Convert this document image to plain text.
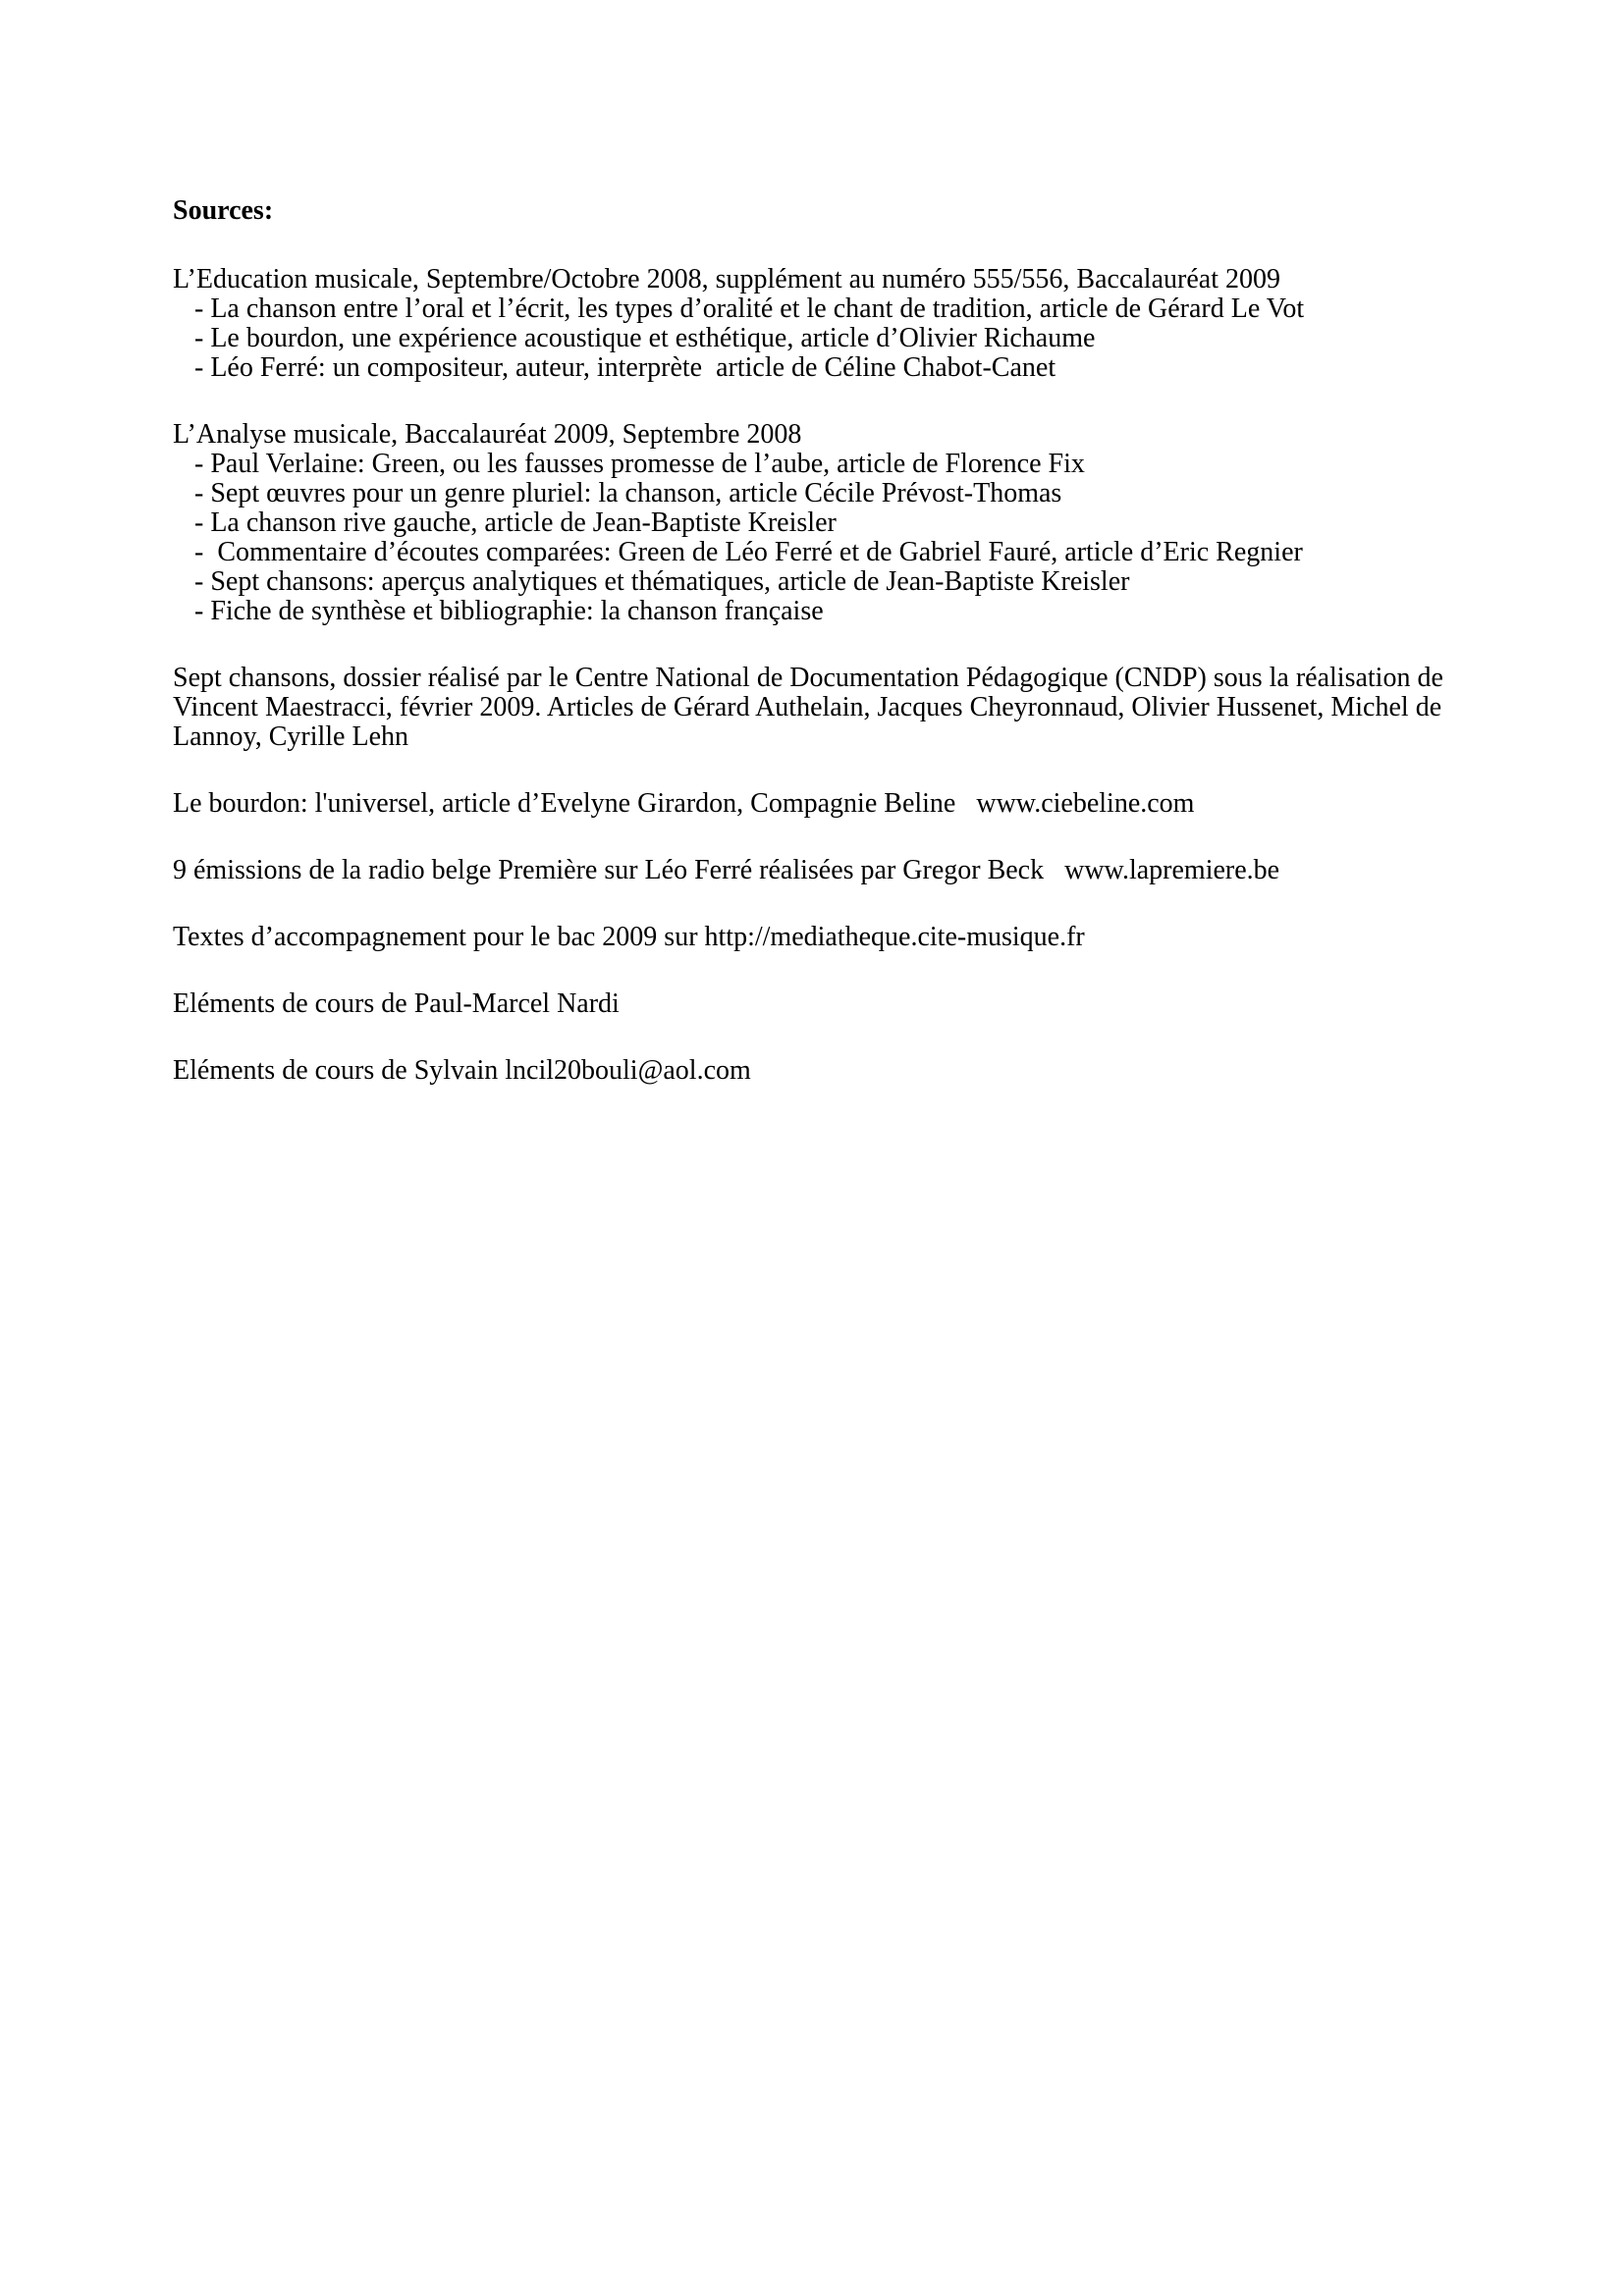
Sources:

L’Education musicale, Septembre/Octobre 2008, supplément au numéro 555/556, Baccalauréat 2009

- La chanson entre l’oral et l’écrit, les types d’oralité et le chant de tradition, article de Gérard Le Vot

- Le bourdon, une expérience acoustique et esthétique, article d’Olivier Richaume

- Léo Ferré: un compositeur, auteur, interprète  article de Céline Chabot-Canet

L’Analyse musicale, Baccalauréat 2009, Septembre 2008

- Paul Verlaine: Green, ou les fausses promesse de l’aube, article de Florence Fix

- Sept œuvres pour un genre pluriel: la chanson, article Cécile Prévost-Thomas

- La chanson rive gauche, article de Jean-Baptiste Kreisler

-  Commentaire d’écoutes comparées: Green de Léo Ferré et de Gabriel Fauré, article d’Eric Regnier

- Sept chansons: aperçus analytiques et thématiques, article de Jean-Baptiste Kreisler

- Fiche de synthèse et bibliographie: la chanson française

Sept chansons, dossier réalisé par le Centre National de Documentation Pédagogique (CNDP) sous la réalisation de Vincent Maestracci, février 2009. Articles de Gérard Authelain, Jacques Cheyronnaud, Olivier Hussenet, Michel de Lannoy, Cyrille Lehn

Le bourdon: l'universel, article d’Evelyne Girardon, Compagnie Beline   www.ciebeline.com

9 émissions de la radio belge Première sur Léo Ferré réalisées par Gregor Beck   www.lapremiere.be

Textes d’accompagnement pour le bac 2009 sur http://mediatheque.cite-musique.fr

Eléments de cours de Paul-Marcel Nardi

Eléments de cours de Sylvain lncil20bouli@aol.com
